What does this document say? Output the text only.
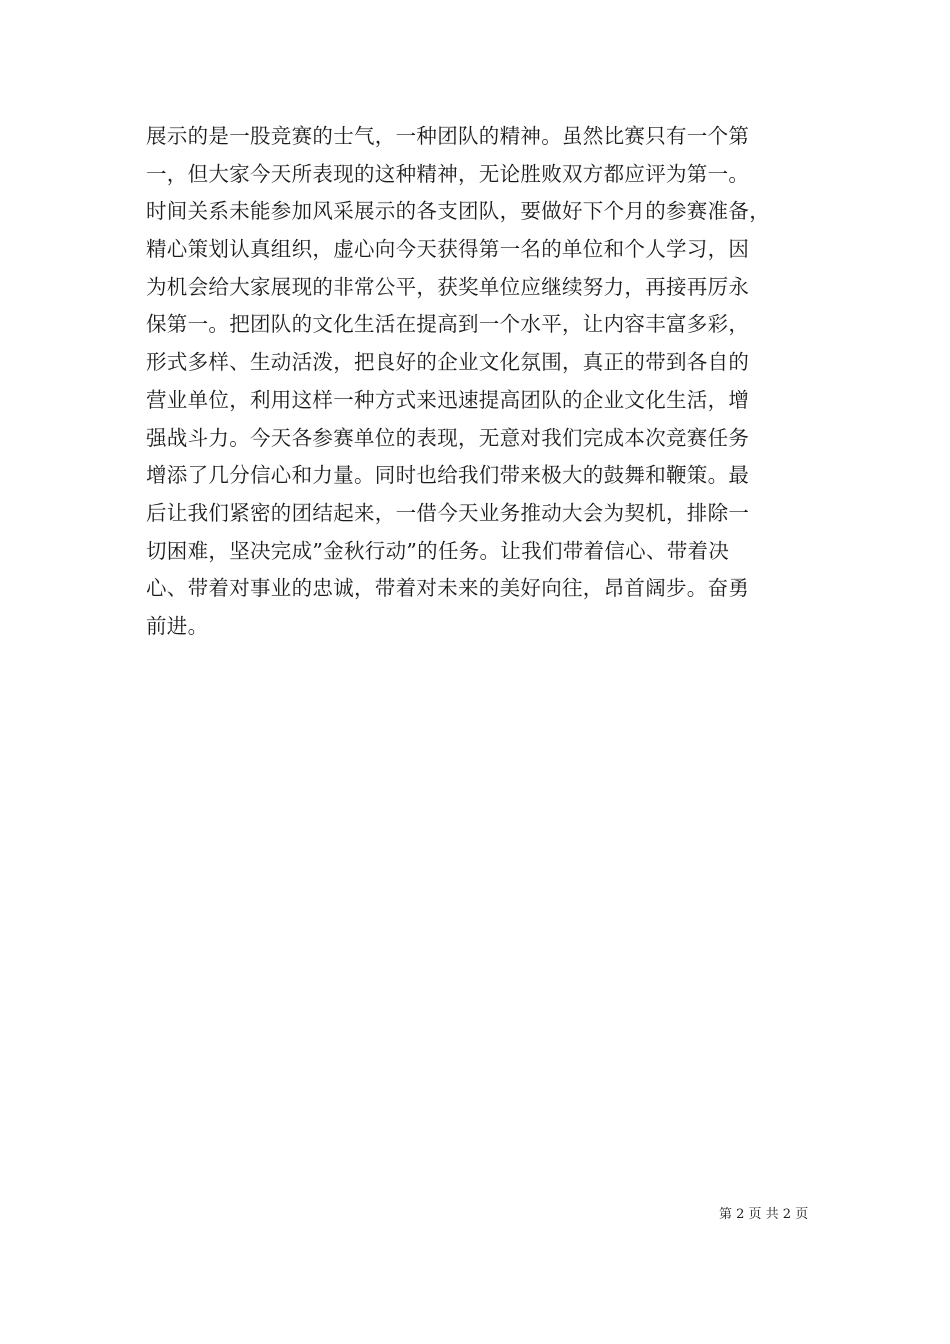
展示的是一股竞赛的士气，一种团队的精神。虽然比赛只有一个第
一，但大家今天所表现的这种精神，无论胜败双方都应评为第一。
时间关系未能参加风采展示的各支团队，要做好下个月的参赛准备，
精心策划认真组织，虚心向今天获得第一名的单位和个人学习，因
为机会给大家展现的非常公平，获奖单位应继续努力，再接再厉永
保第一。把团队的文化生活在提高到一个水平，让内容丰富多彩，
形式多样、生动活泼，把良好的企业文化氛围，真正的带到各自的
营业单位，利用这样一种方式来迅速提高团队的企业文化生活，增
强战斗力。今天各参赛单位的表现，无意对我们完成本次竞赛任务
增添了几分信心和力量。同时也给我们带来极大的鼓舞和鞭策。最
后让我们紧密的团结起来，一借今天业务推动大会为契机，排除一
切困难，坚决完成”金秋行动”的任务。让我们带着信心、带着决
心、带着对事业的忠诚，带着对未来的美好向往，昂首阔步。奋勇
前进。
第 2 页 共 2 页
